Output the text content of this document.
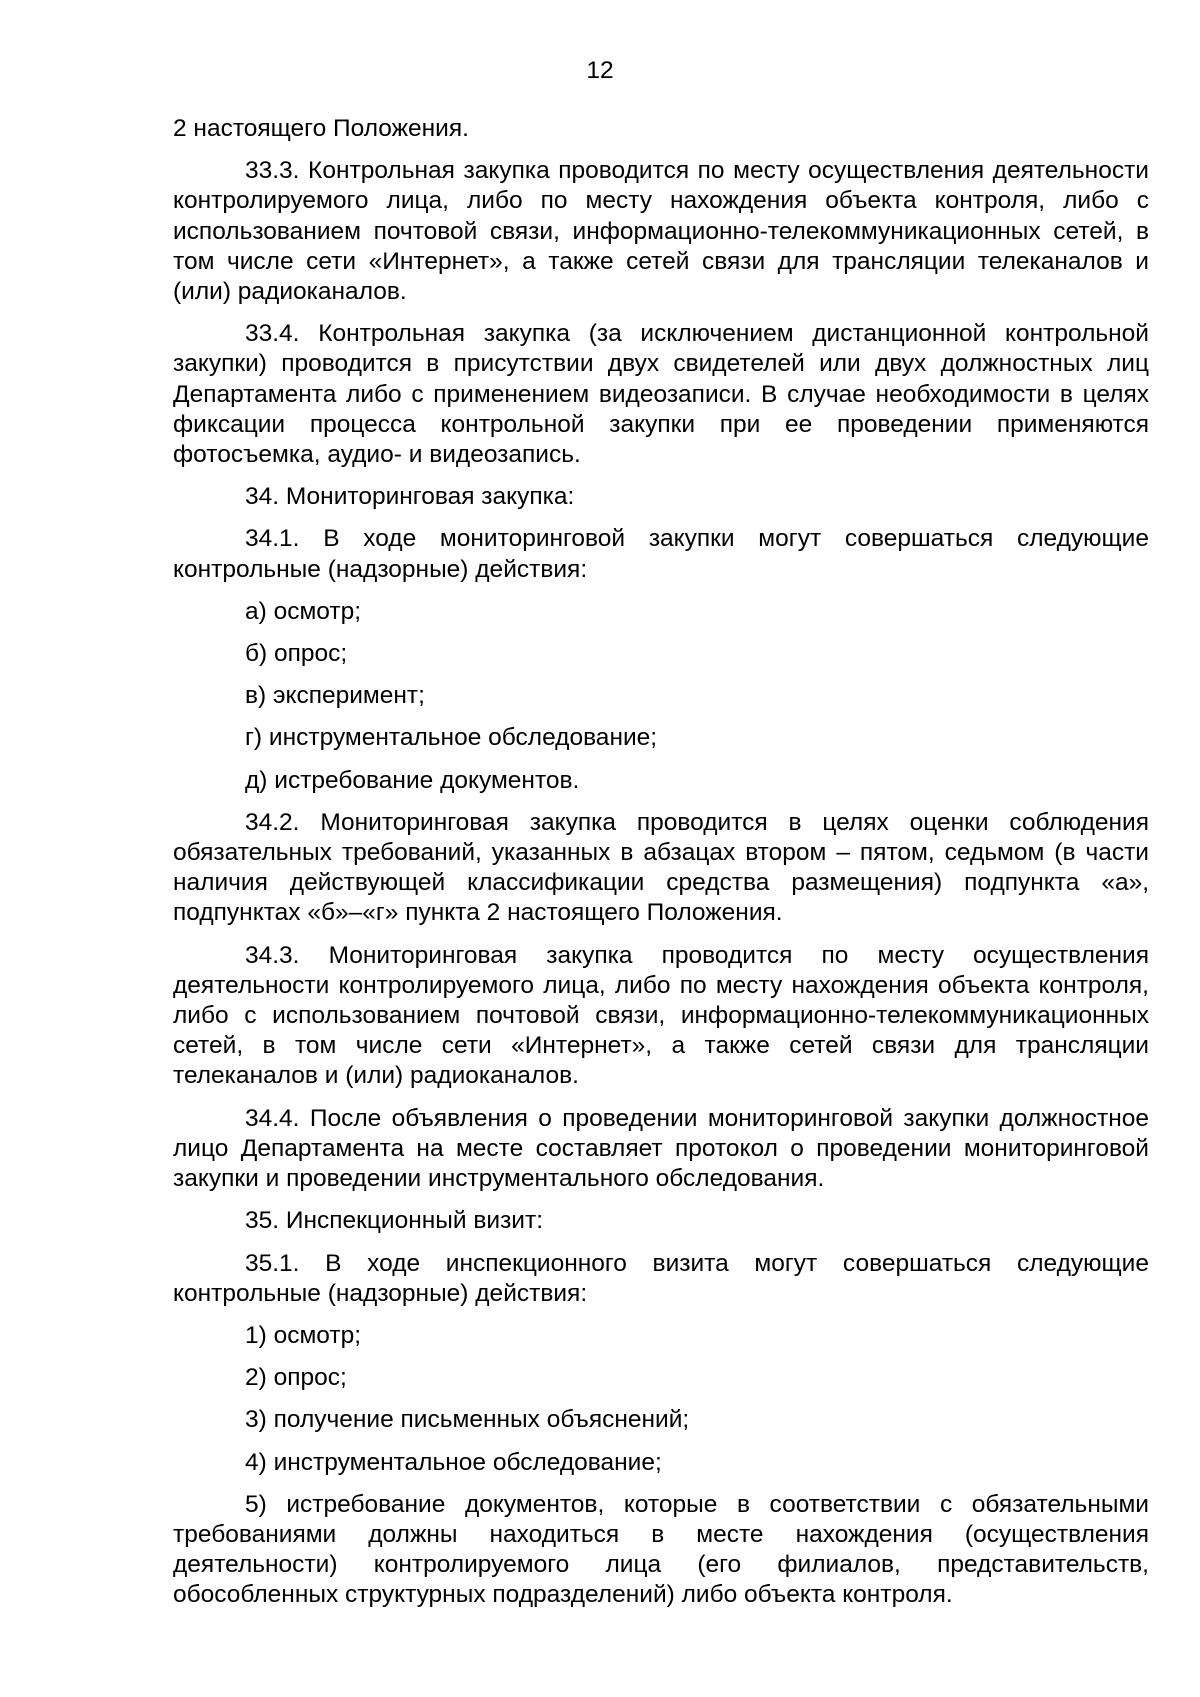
12

2 настоящего Положения.

33.3. Контрольная закупка проводится по месту осуществления деятельности контролируемого лица, либо по месту нахождения объекта контроля, либо с использованием почтовой связи, информационно-телекоммуникационных сетей, в том числе сети «Интернет», а также сетей связи для трансляции телеканалов и (или) радиоканалов.

33.4. Контрольная закупка (за исключением дистанционной контрольной закупки) проводится в присутствии двух свидетелей или двух должностных лиц Департамента либо с применением видеозаписи. В случае необходимости в целях фиксации процесса контрольной закупки при ее проведении применяются фотосъемка, аудио- и видеозапись.

34. Мониторинговая закупка:

34.1. В ходе мониторинговой закупки могут совершаться следующие контрольные (надзорные) действия:

а) осмотр;

б) опрос;

в) эксперимент;

г) инструментальное обследование;

д) истребование документов.

34.2. Мониторинговая закупка проводится в целях оценки соблюдения обязательных требований, указанных в абзацах втором – пятом, седьмом (в части наличия действующей классификации средства размещения) подпункта «а», подпунктах «б»–«г» пункта 2 настоящего Положения.

34.3. Мониторинговая закупка проводится по месту осуществления деятельности контролируемого лица, либо по месту нахождения объекта контроля, либо с использованием почтовой связи, информационно-телекоммуникационных сетей, в том числе сети «Интернет», а также сетей связи для трансляции телеканалов и (или) радиоканалов.

34.4. После объявления о проведении мониторинговой закупки должностное лицо Департамента на месте составляет протокол о проведении мониторинговой закупки и проведении инструментального обследования.

35. Инспекционный визит:

35.1. В ходе инспекционного визита могут совершаться следующие контрольные (надзорные) действия:

1) осмотр;

2) опрос;

3) получение письменных объяснений;

4) инструментальное обследование;

5) истребование документов, которые в соответствии с обязательными требованиями должны находиться в месте нахождения (осуществления деятельности) контролируемого лица (его филиалов, представительств, обособленных структурных подразделений) либо объекта контроля.
